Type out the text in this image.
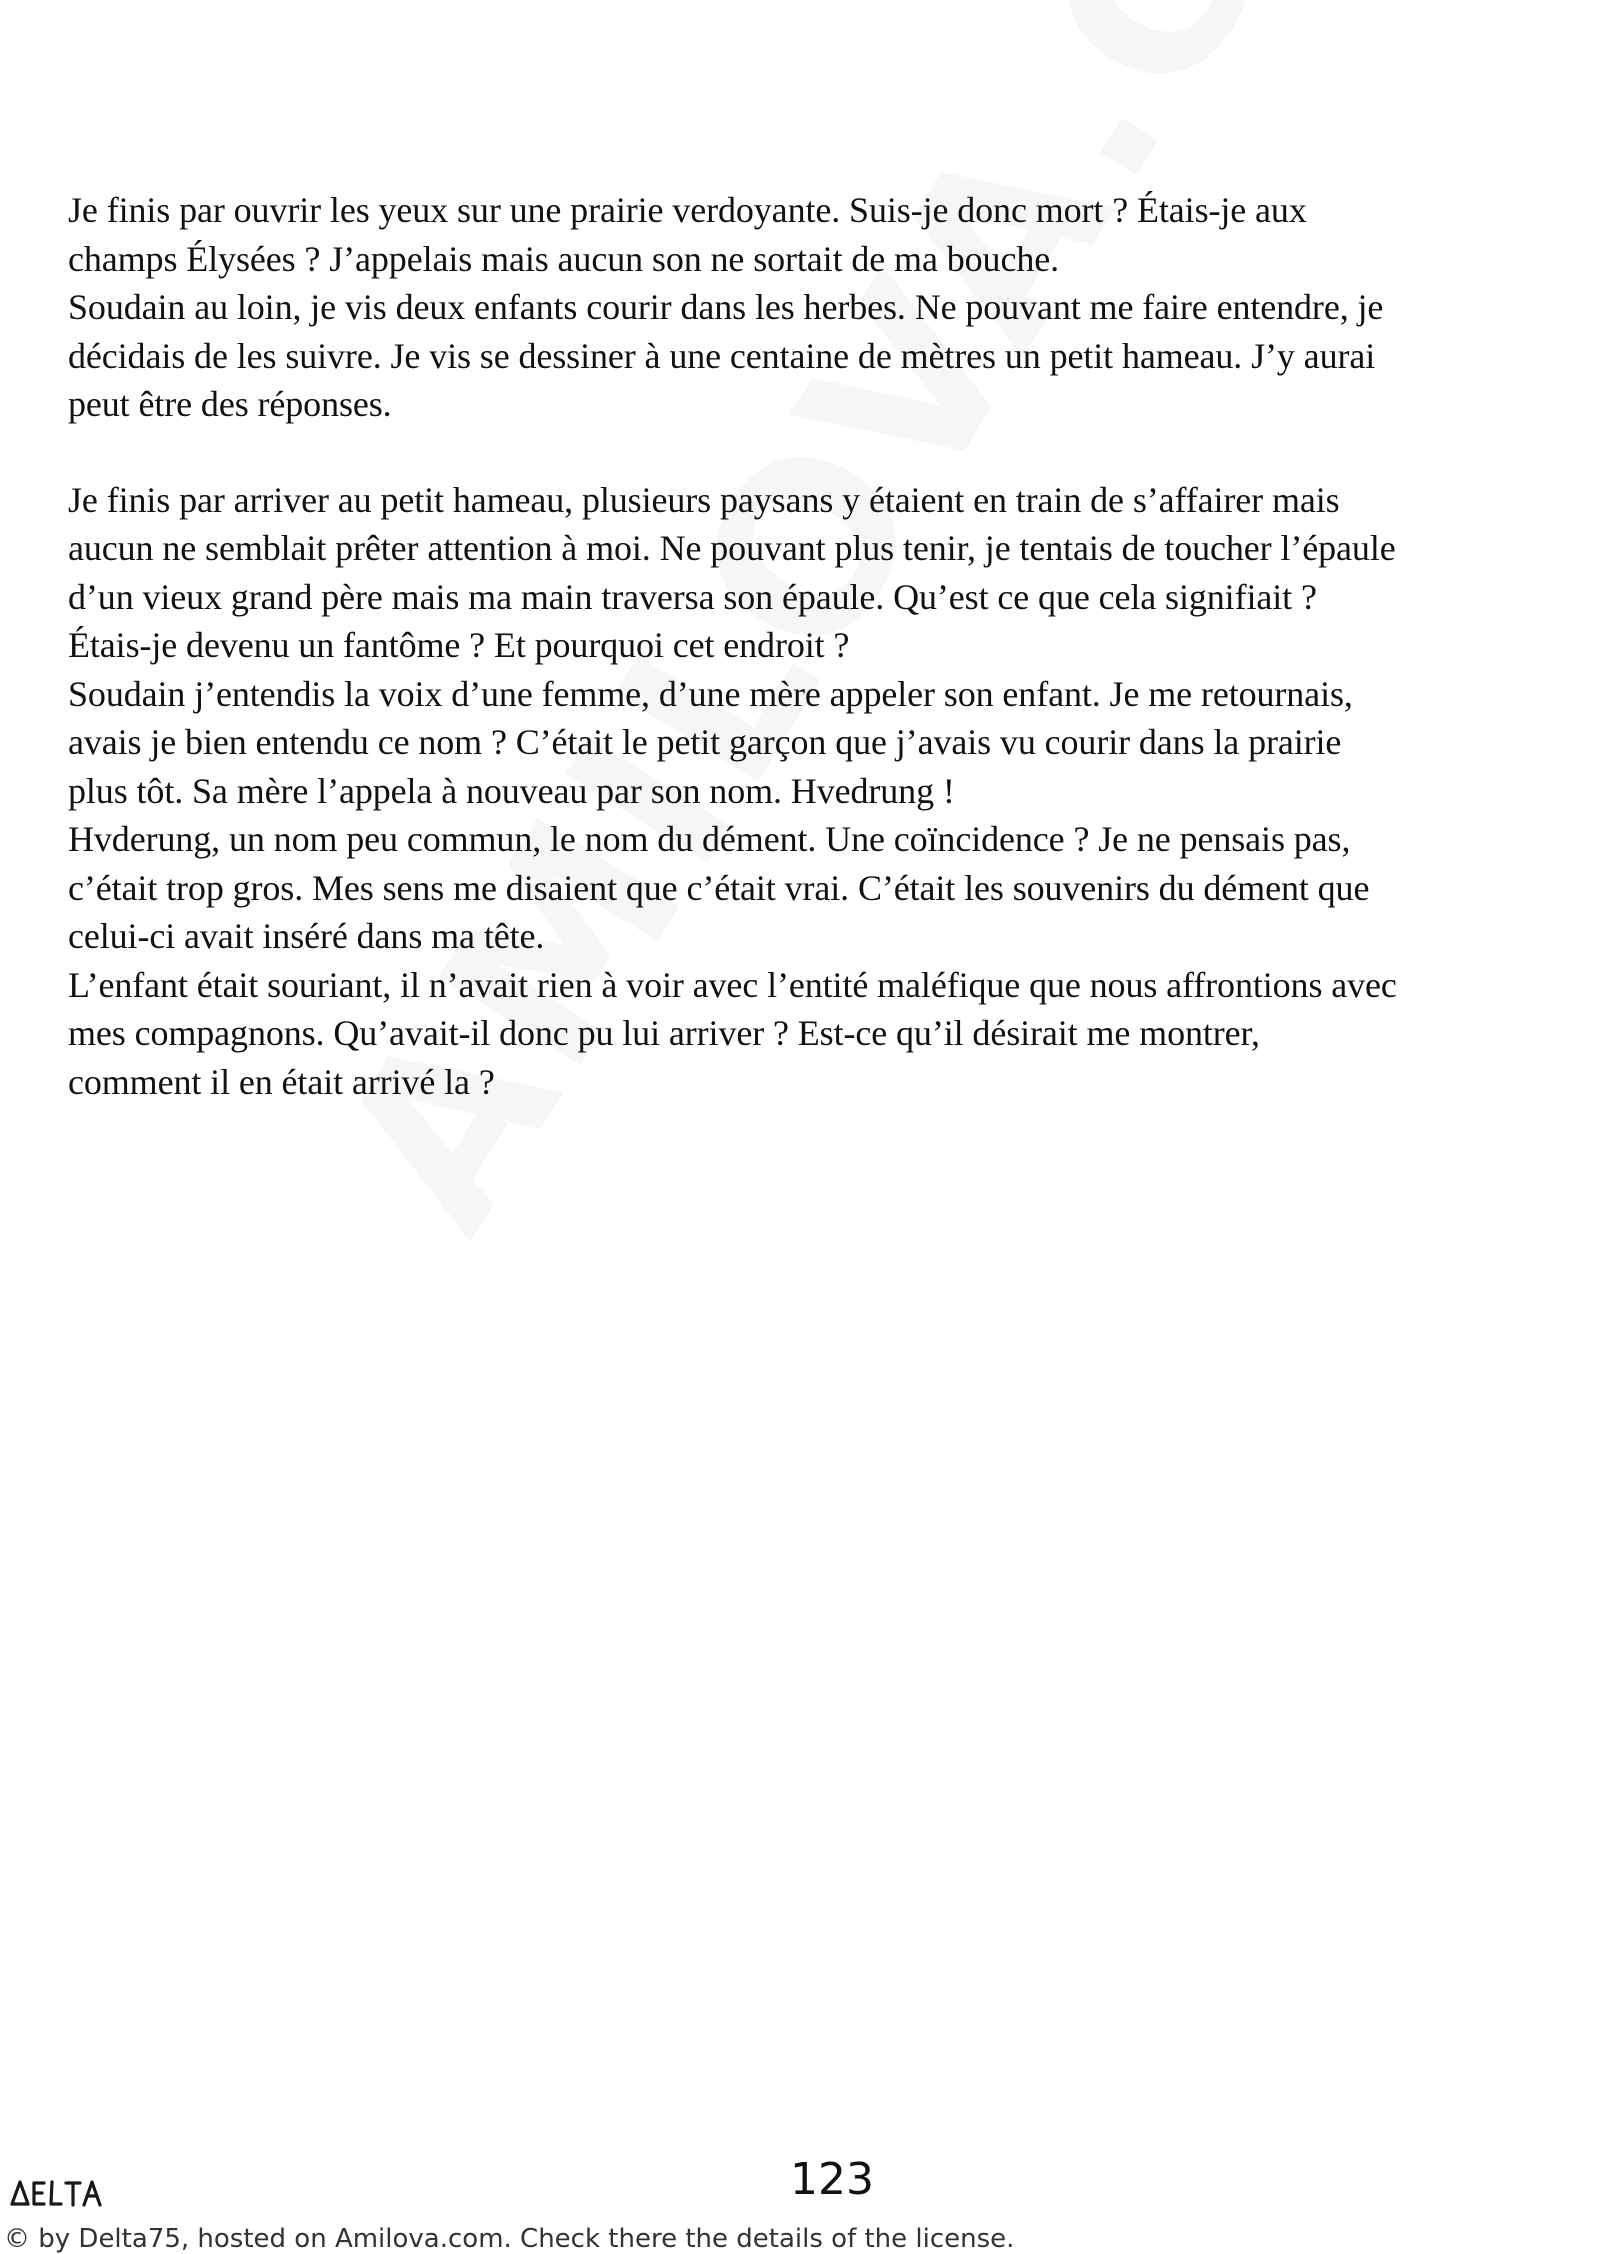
Je finis par ouvrir les yeux sur une prairie verdoyante. Suis-je donc mort ? Étais-je aux
champs Élysées ? J’appelais mais aucun son ne sortait de ma bouche.
Soudain au loin, je vis deux enfants courir dans les herbes. Ne pouvant me faire entendre, je
décidais de les suivre. Je vis se dessiner à une centaine de mètres un petit hameau. J’y aurai
peut être des réponses.

Je finis par arriver au petit hameau, plusieurs paysans y étaient en train de s’affairer mais
aucun ne semblait prêter attention à moi. Ne pouvant plus tenir, je tentais de toucher l’épaule
d’un vieux grand père mais ma main traversa son épaule. Qu’est ce que cela signifiait ?
Étais-je devenu un fantôme ? Et pourquoi cet endroit ?
Soudain j’entendis la voix d’une femme, d’une mère appeler son enfant. Je me retournais,
avais je bien entendu ce nom ? C’était le petit garçon que j’avais vu courir dans la prairie
plus tôt. Sa mère l’appela à nouveau par son nom. Hvedrung !
Hvderung, un nom peu commun, le nom du dément. Une coïncidence ? Je ne pensais pas,
c’était trop gros. Mes sens me disaient que c’était vrai. C’était les souvenirs du dément que
celui-ci avait inséré dans ma tête.
L’enfant était souriant, il n’avait rien à voir avec l’entité maléfique que nous affrontions avec
mes compagnons. Qu’avait-il donc pu lui arriver ? Est-ce qu’il désirait me montrer,
comment il en était arrivé la ?

123
© by Delta75, hosted on Amilova.com. Check there the details of the license.
